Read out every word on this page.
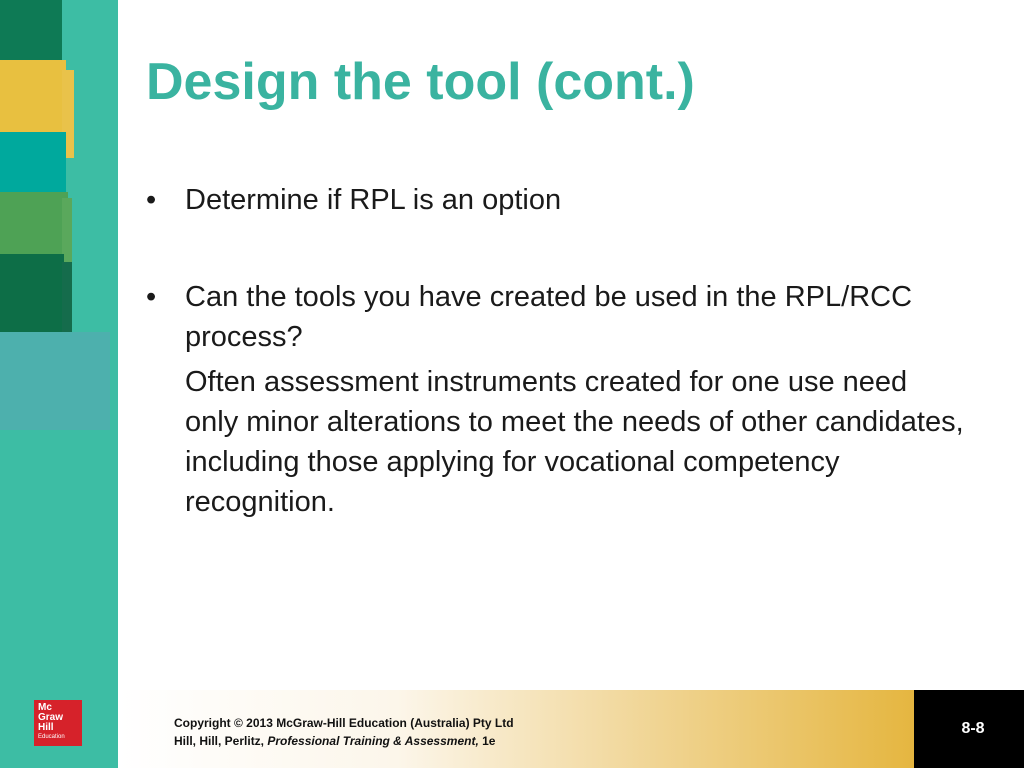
Design the tool (cont.)
• Determine if RPL is an option
• Can the tools you have created be used in the RPL/RCC process?
Often assessment instruments created for one use need only minor alterations to meet the needs of other candidates, including those applying for vocational competency recognition.
Mc
Graw
Hill
Education
Copyright © 2013 McGraw-Hill Education (Australia) Pty Ltd
Hill, Hill, Perlitz, Professional Training & Assessment, 1e
8-8
